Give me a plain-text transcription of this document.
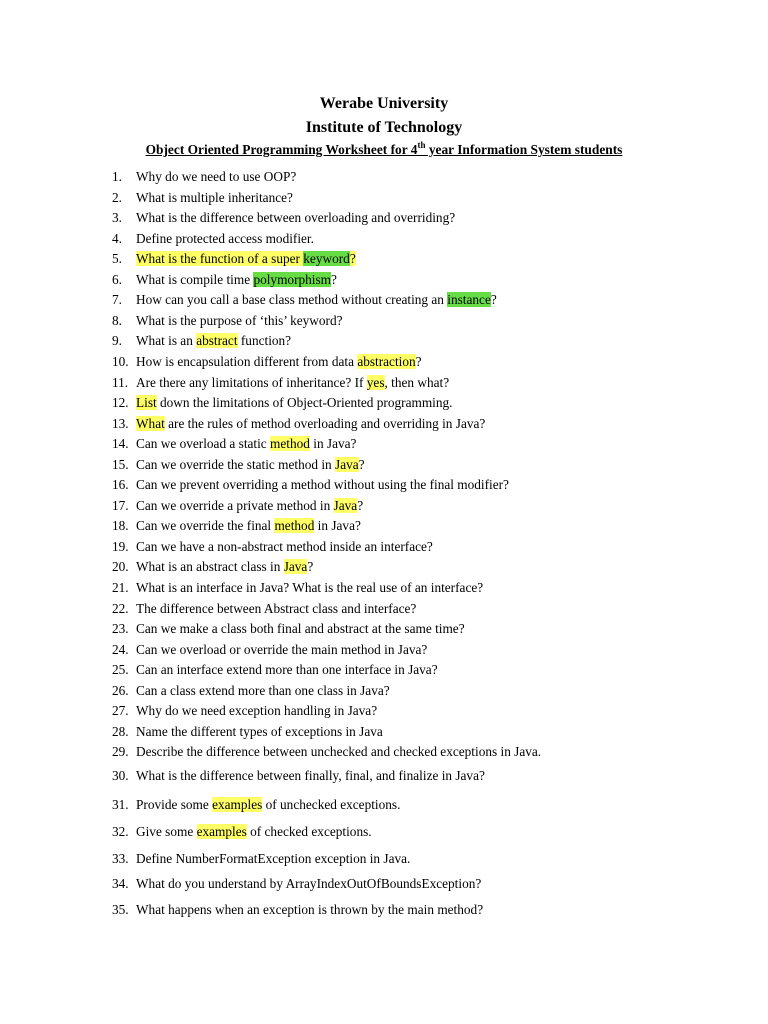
Werabe University
Institute of Technology
Object Oriented Programming Worksheet for 4th year Information System students
1. Why do we need to use OOP?
2. What is multiple inheritance?
3. What is the difference between overloading and overriding?
4. Define protected access modifier.
5. What is the function of a super keyword?
6. What is compile time polymorphism?
7. How can you call a base class method without creating an instance?
8. What is the purpose of ‘this’ keyword?
9. What is an abstract function?
10. How is encapsulation different from data abstraction?
11. Are there any limitations of inheritance? If yes, then what?
12. List down the limitations of Object-Oriented programming.
13. What are the rules of method overloading and overriding in Java?
14. Can we overload a static method in Java?
15. Can we override the static method in Java?
16. Can we prevent overriding a method without using the final modifier?
17. Can we override a private method in Java?
18. Can we override the final method in Java?
19. Can we have a non-abstract method inside an interface?
20. What is an abstract class in Java?
21. What is an interface in Java? What is the real use of an interface?
22. The difference between Abstract class and interface?
23. Can we make a class both final and abstract at the same time?
24. Can we overload or override the main method in Java?
25. Can an interface extend more than one interface in Java?
26. Can a class extend more than one class in Java?
27. Why do we need exception handling in Java?
28. Name the different types of exceptions in Java
29. Describe the difference between unchecked and checked exceptions in Java.
30. What is the difference between finally, final, and finalize in Java?
31. Provide some examples of unchecked exceptions.
32. Give some examples of checked exceptions.
33. Define NumberFormatException exception in Java.
34. What do you understand by ArrayIndexOutOfBoundsException?
35. What happens when an exception is thrown by the main method?
